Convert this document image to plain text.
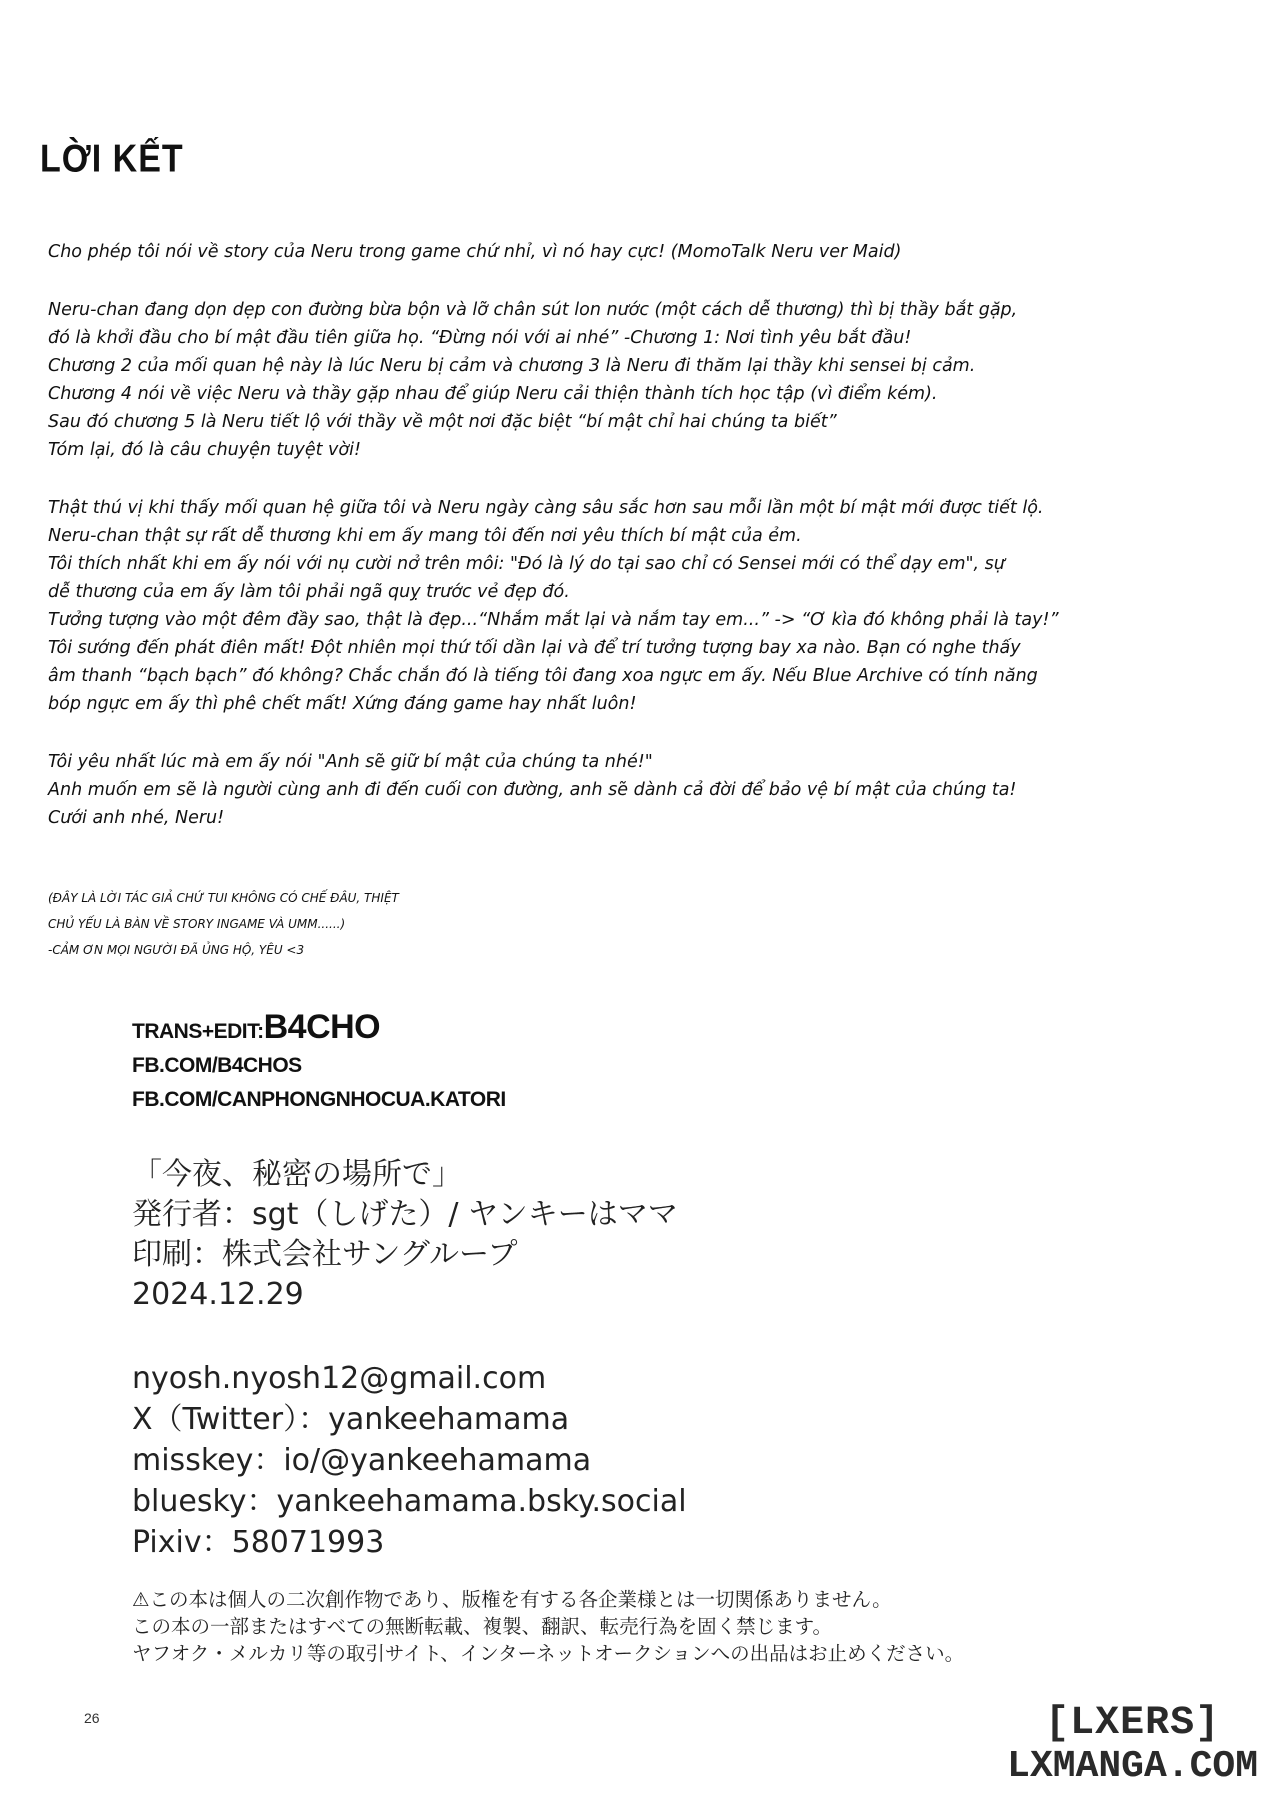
LỜI KẾT
Cho phép tôi nói về story của Neru trong game chứ nhỉ, vì nó hay cực! (MomoTalk Neru ver Maid)
Neru-chan đang dọn dẹp con đường bừa bộn và lỡ chân sút lon nước (một cách dễ thương) thì bị thầy bắt gặp,
đó là khởi đầu cho bí mật đầu tiên giữa họ. “Đừng nói với ai nhé” -Chương 1: Nơi tình yêu bắt đầu!
Chương 2 của mối quan hệ này là lúc Neru bị cảm và chương 3 là Neru đi thăm lại thầy khi sensei bị cảm.
Chương 4 nói về việc Neru và thầy gặp nhau để giúp Neru cải thiện thành tích học tập (vì điểm kém).
Sau đó chương 5 là Neru tiết lộ với thầy về một nơi đặc biệt “bí mật chỉ hai chúng ta biết”
Tóm lại, đó là câu chuyện tuyệt vời!
Thật thú vị khi thấy mối quan hệ giữa tôi và Neru ngày càng sâu sắc hơn sau mỗi lần một bí mật mới được tiết lộ.
Neru-chan thật sự rất dễ thương khi em ấy mang tôi đến nơi yêu thích bí mật của ẻm.
Tôi thích nhất khi em ấy nói với nụ cười nở trên môi: "Đó là lý do tại sao chỉ có Sensei mới có thể dạy em", sự
dễ thương của em ấy làm tôi phải ngã quỵ trước vẻ đẹp đó.
Tưởng tượng vào một đêm đầy sao, thật là đẹp...“Nhắm mắt lại và nắm tay em...” -> “Ơ kìa đó không phải là tay!”
Tôi sướng đến phát điên mất! Đột nhiên mọi thứ tối dần lại và để trí tưởng tượng bay xa nào. Bạn có nghe thấy
âm thanh “bạch bạch” đó không? Chắc chắn đó là tiếng tôi đang xoa ngực em ấy. Nếu Blue Archive có tính năng
bóp ngực em ấy thì phê chết mất! Xứng đáng game hay nhất luôn!
Tôi yêu nhất lúc mà em ấy nói "Anh sẽ giữ bí mật của chúng ta nhé!"
Anh muốn em sẽ là người cùng anh đi đến cuối con đường, anh sẽ dành cả đời để bảo vệ bí mật của chúng ta!
Cưới anh nhé, Neru!
(ĐÂY LÀ LỜI TÁC GIẢ CHỨ TUI KHÔNG CÓ CHẾ ĐÂU, THIỆT
CHỦ YẾU LÀ BÀN VỀ STORY INGAME VÀ UMM......)
-CẢM ƠN MỌI NGƯỜI ĐÃ ỦNG HỘ, YÊU <3
TRANS+EDIT:B4CHO
FB.COM/B4CHOS
FB.COM/CANPHONGNHOCUA.KATORI
「今夜、秘密の場所で」
発行者：sgt（しげた）/ ヤンキーはママ
印刷：株式会社サングループ
2024.12.29
nyosh.nyosh12@gmail.com
X（Twitter）：yankeehamama
misskey：io/@yankeehamama
bluesky：yankeehamama.bsky.social
Pixiv：58071993
⚠この本は個人の二次創作物であり、版権を有する各企業様とは一切関係ありません。
この本の一部またはすべての無断転載、複製、翻訳、転売行為を固く禁じます。
ヤフオク・メルカリ等の取引サイト、インターネットオークションへの出品はお止めください。
26	[LXERS]
LXMANGA.COM
